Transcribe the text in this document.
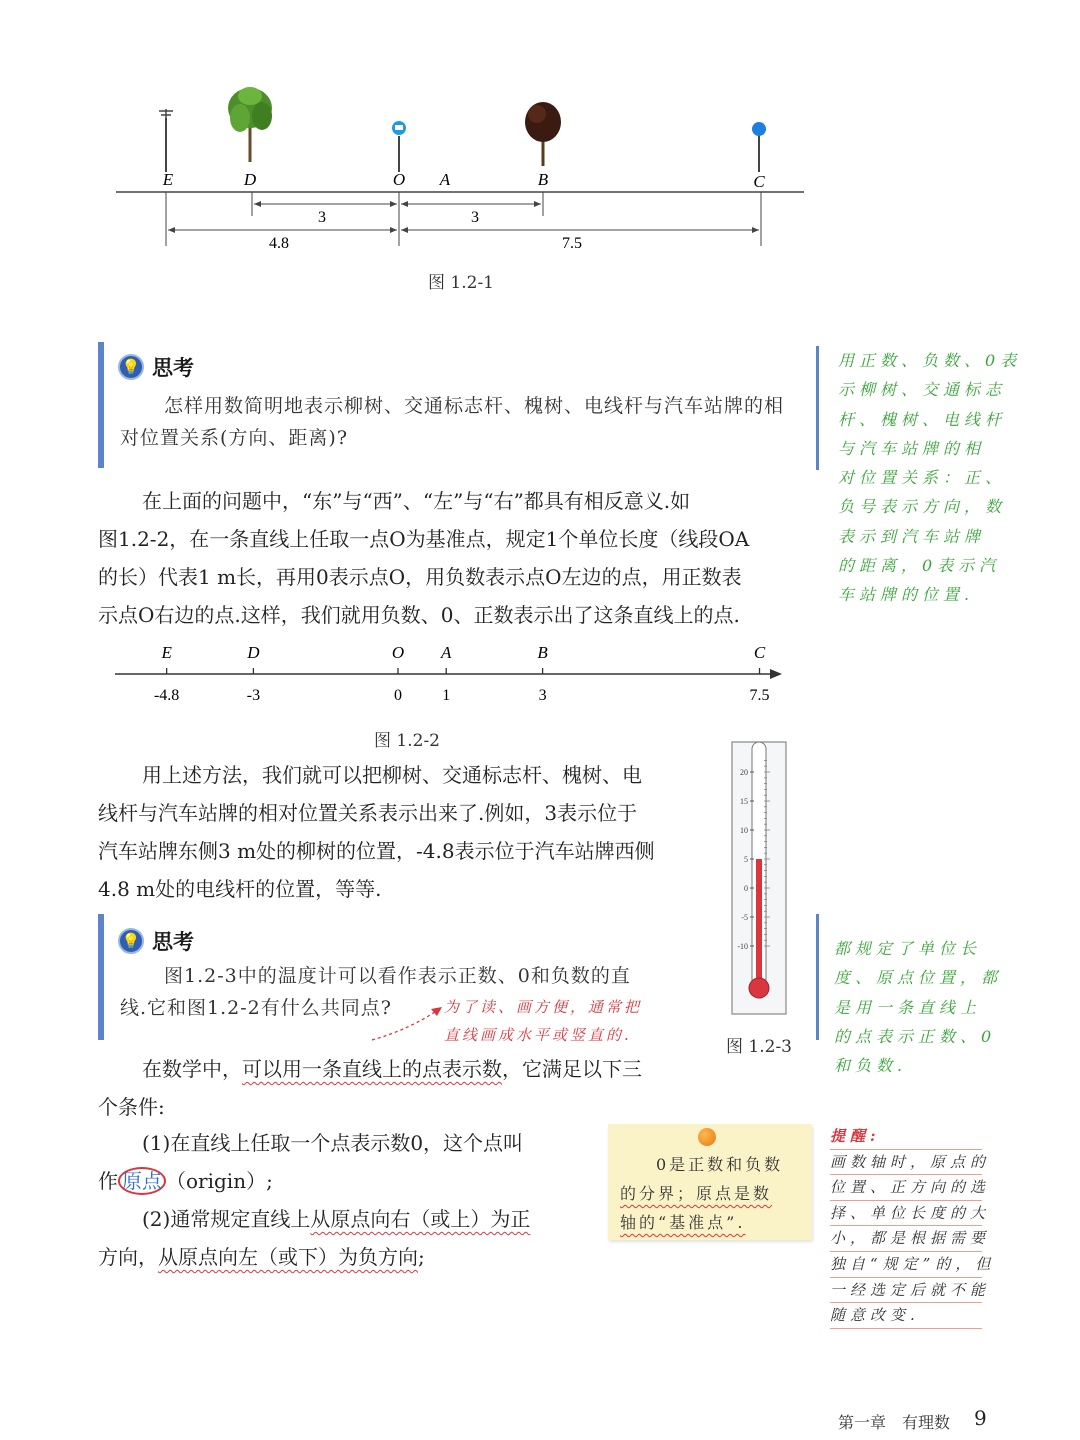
E	D	O A	B	C
3	3
4.8	7.5
图 1.2-1
💡 思考
怎样用数简明地表示柳树、交通标志杆、槐树、电线杆与汽车站牌的相
对位置关系(方向、距离)?
用正数、负数、0表
示柳树、交通标志
杆、槐树、电线杆
与汽车站牌的相
对位置关系：正、
负号表示方向，数
表示到汽车站牌
的距离，0表示汽
车站牌的位置.
在上面的问题中，“东”与“西”、“左”与“右”都具有相反意义.如
图1.2-2，在一条直线上任取一点O为基准点，规定1个单位长度（线段OA
的长）代表1 m长，再用0表示点O，用负数表示点O左边的点，用正数表
示点O右边的点.这样，我们就用负数、0、正数表示出了这条直线上的点.
E
-4.8
D
-3
O
0
A
1
B
3
C
7.5
图 1.2-2
用上述方法，我们就可以把柳树、交通标志杆、槐树、电
线杆与汽车站牌的相对位置关系表示出来了.例如，3表示位于
汽车站牌东侧3 m处的柳树的位置，-4.8表示位于汽车站牌西侧
4.8 m处的电线杆的位置，等等.
20
15
10
5
0
-5
-10
图 1.2-3
💡 思考
图1.2-3中的温度计可以看作表示正数、0和负数的直
线.它和图1.2-2有什么共同点?	为了读、画方便，通常把
直线画成水平或竖直的.
都规定了单位长
度、原点位置，都
是用一条直线上
的点表示正数、0
和负数.
在数学中，可以用一条直线上的点表示数，它满足以下三
个条件:
(1)在直线上任取一个点表示数0，这个点叫
作 原点 （origin）;
(2)通常规定直线上从原点向右（或上）为正
方向，从原点向左（或下）为负方向;
0是正数和负数
的分界；原点是数
轴的“基准点”.
提醒:
画数轴时，原点的
位置、正方向的选
择、单位长度的大
小，都是根据需要
独自“规定”的，但
一经选定后就不能
随意改变.
第一章　有理数 9
